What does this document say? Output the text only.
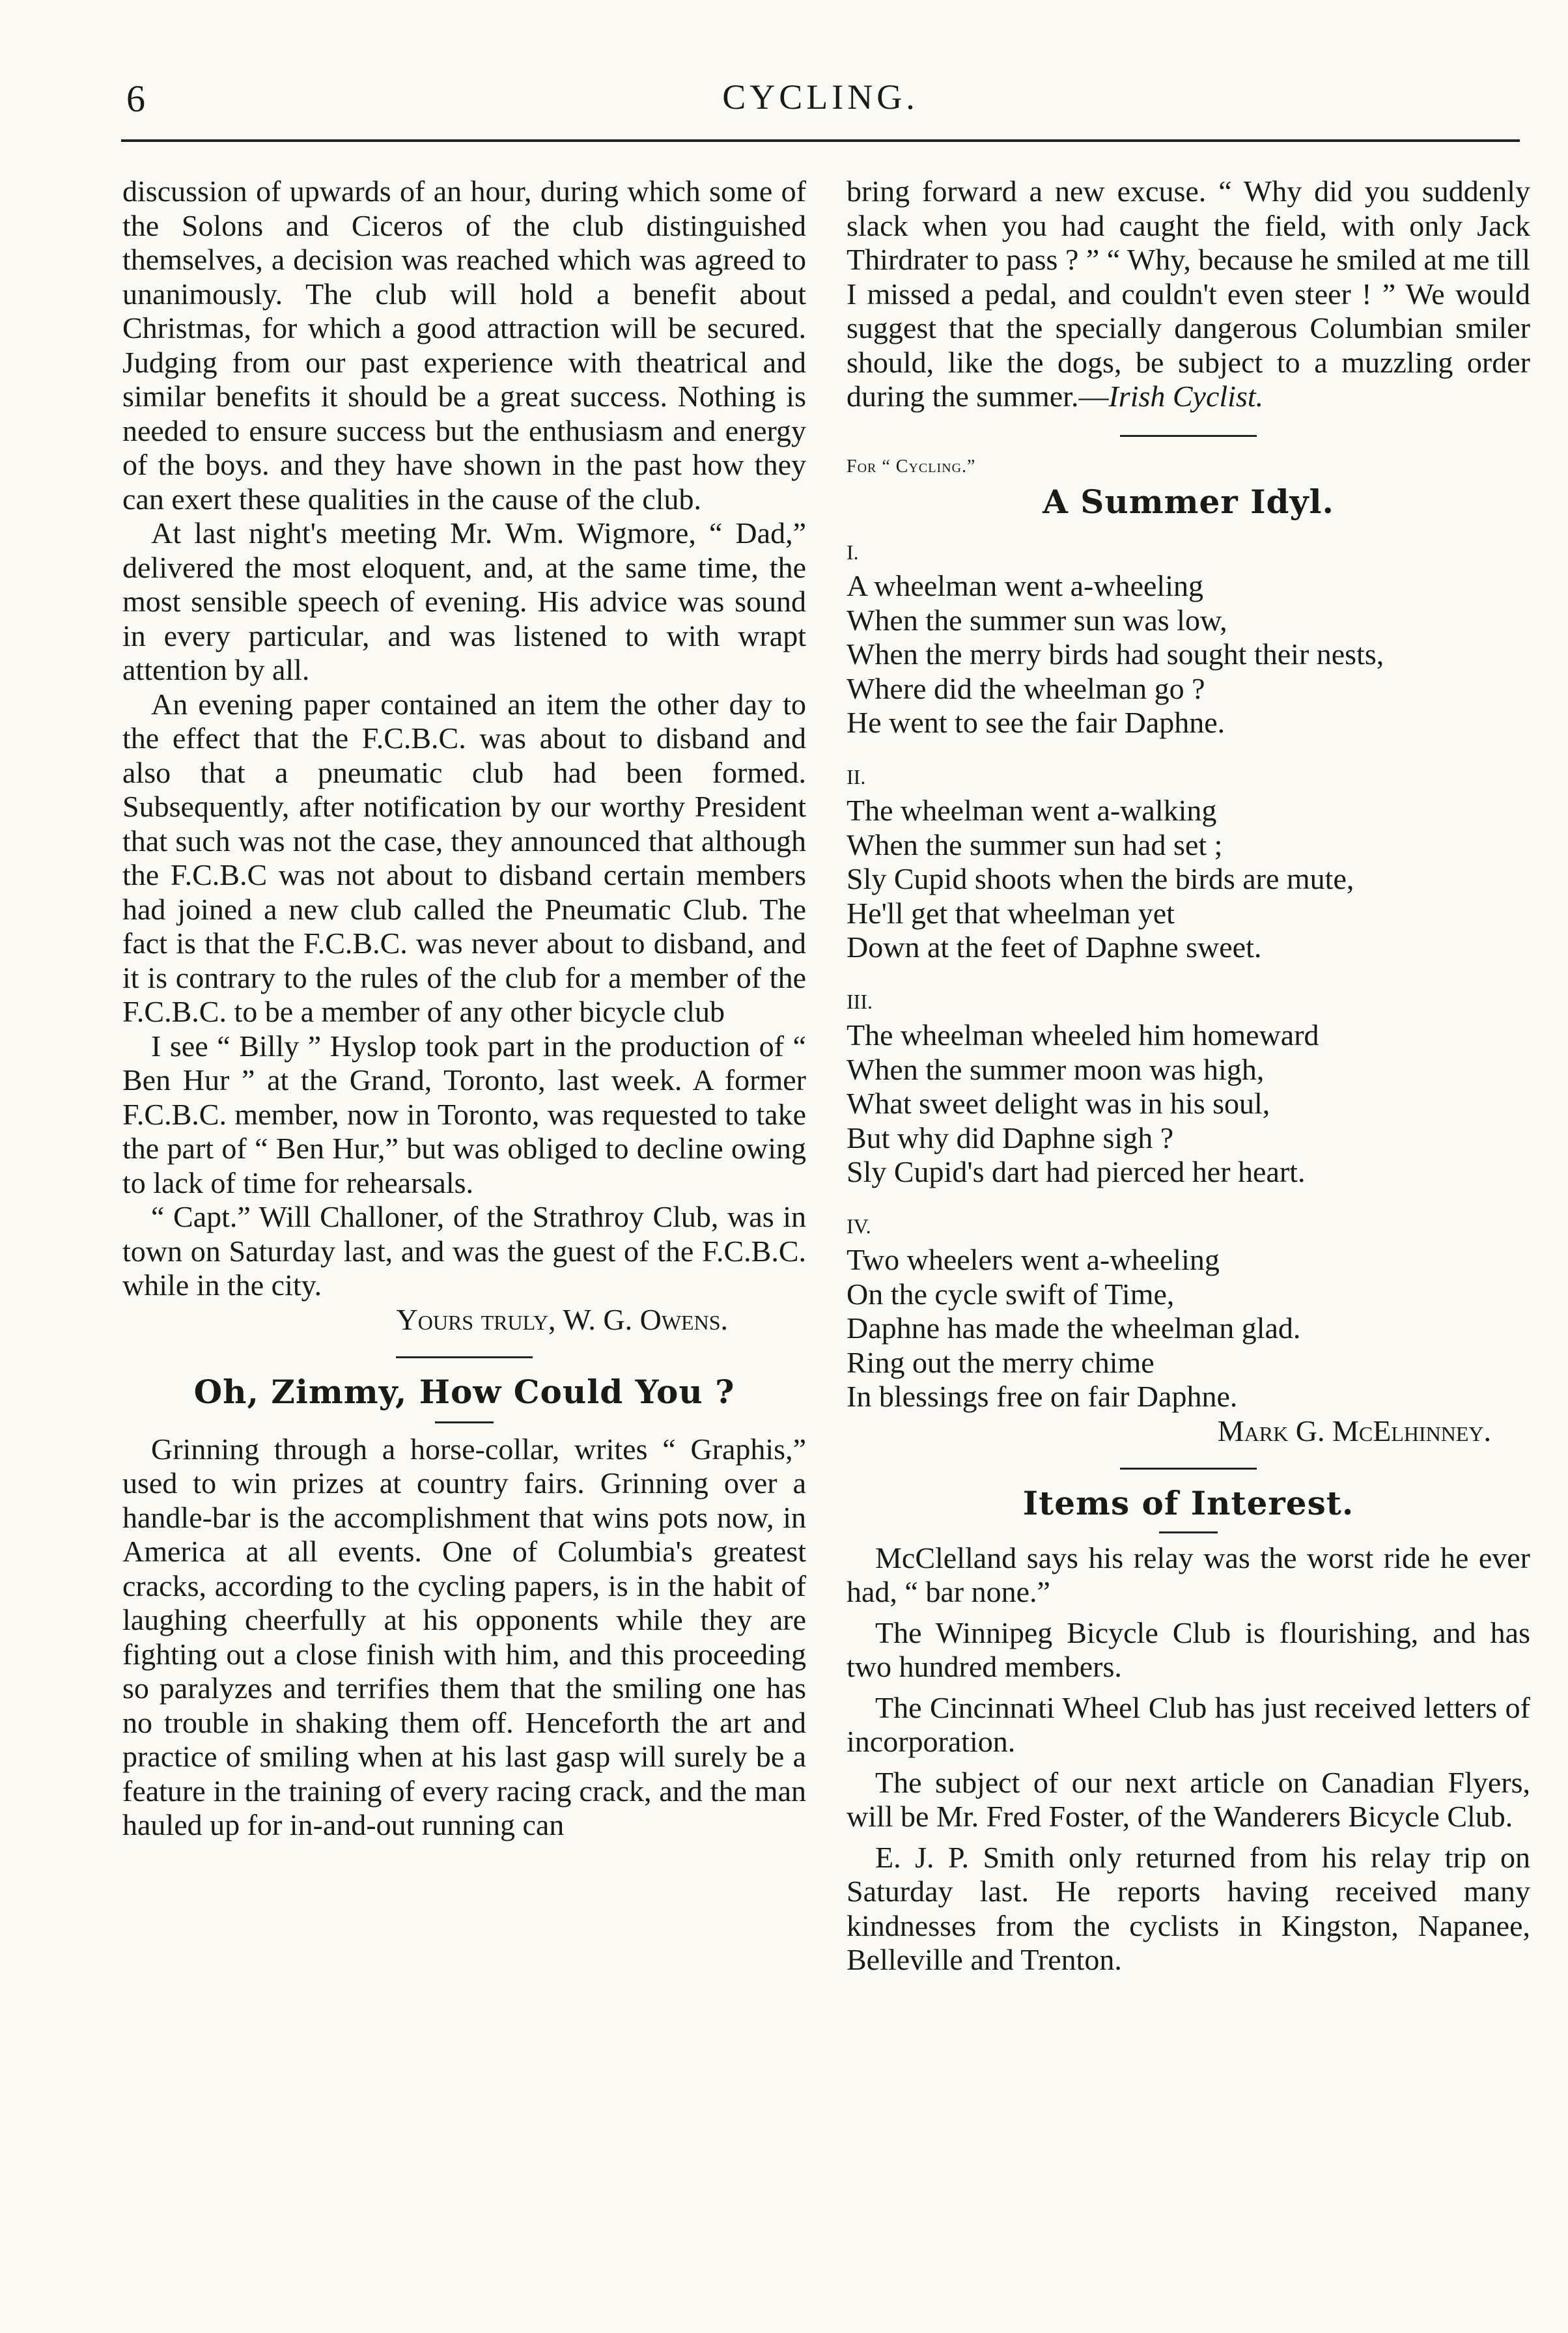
6	CYCLING.

discussion of upwards of an hour, during which some of the Solons and Ciceros of the club distinguished themselves, a decision was reached which was agreed to unanimously. The club will hold a benefit about Christmas, for which a good attraction will be secured. Judging from our past experience with theatrical and similar benefits it should be a great success. Nothing is needed to ensure success but the enthusiasm and energy of the boys. and they have shown in the past how they can exert these qualities in the cause of the club.

At last night's meeting Mr. Wm. Wigmore, “ Dad,” delivered the most eloquent, and, at the same time, the most sensible speech of evening. His advice was sound in every particular, and was listened to with wrapt attention by all.

An evening paper contained an item the other day to the effect that the F.C.B.C. was about to disband and also that a pneumatic club had been formed. Subsequently, after notification by our worthy President that such was not the case, they announced that although the F.C.B.C was not about to disband certain members had joined a new club called the Pneumatic Club. The fact is that the F.C.B.C. was never about to disband, and it is contrary to the rules of the club for a member of the F.C.B.C. to be a member of any other bicycle club

I see “ Billy ” Hyslop took part in the production of “ Ben Hur ” at the Grand, Toronto, last week. A former F.C.B.C. member, now in Toronto, was requested to take the part of “ Ben Hur,” but was obliged to decline owing to lack of time for rehearsals.

“ Capt.” Will Challoner, of the Strathroy Club, was in town on Saturday last, and was the guest of the F.C.B.C. while in the city.

Yours truly, W. G. Owens.

Oh, Zimmy, How Could You ?

Grinning through a horse-collar, writes “ Graphis,” used to win prizes at country fairs. Grinning over a handle-bar is the accomplishment that wins pots now, in America at all events. One of Columbia's greatest cracks, according to the cycling papers, is in the habit of laughing cheerfully at his opponents while they are fighting out a close finish with him, and this proceeding so paralyzes and terrifies them that the smiling one has no trouble in shaking them off. Henceforth the art and practice of smiling when at his last gasp will surely be a feature in the training of every racing crack, and the man hauled up for in-and-out running can

bring forward a new excuse. “ Why did you suddenly slack when you had caught the field, with only Jack Thirdrater to pass ? ” “ Why, because he smiled at me till I missed a pedal, and couldn't even steer ! ” We would suggest that the specially dangerous Columbian smiler should, like the dogs, be subject to a muzzling order during the summer.—Irish Cyclist.

For “ Cycling.”
A Summer Idyl.
I.
A wheelman went a-wheeling
When the summer sun was low,
When the merry birds had sought their nests,
Where did the wheelman go ?
He went to see the fair Daphne.
II.
The wheelman went a-walking
When the summer sun had set ;
Sly Cupid shoots when the birds are mute,
He'll get that wheelman yet
Down at the feet of Daphne sweet.
III.
The wheelman wheeled him homeward
When the summer moon was high,
What sweet delight was in his soul,
But why did Daphne sigh ?
Sly Cupid's dart had pierced her heart.
IV.
Two wheelers went a-wheeling
On the cycle swift of Time,
Daphne has made the wheelman glad.
Ring out the merry chime
In blessings free on fair Daphne.

Mark G. McElhinney.

Items of Interest.

McClelland says his relay was the worst ride he ever had, “ bar none.”

The Winnipeg Bicycle Club is flourishing, and has two hundred members.

The Cincinnati Wheel Club has just received letters of incorporation.

The subject of our next article on Canadian Flyers, will be Mr. Fred Foster, of the Wanderers Bicycle Club.

E. J. P. Smith only returned from his relay trip on Saturday last. He reports having received many kindnesses from the cyclists in Kingston, Napanee, Belleville and Trenton.
